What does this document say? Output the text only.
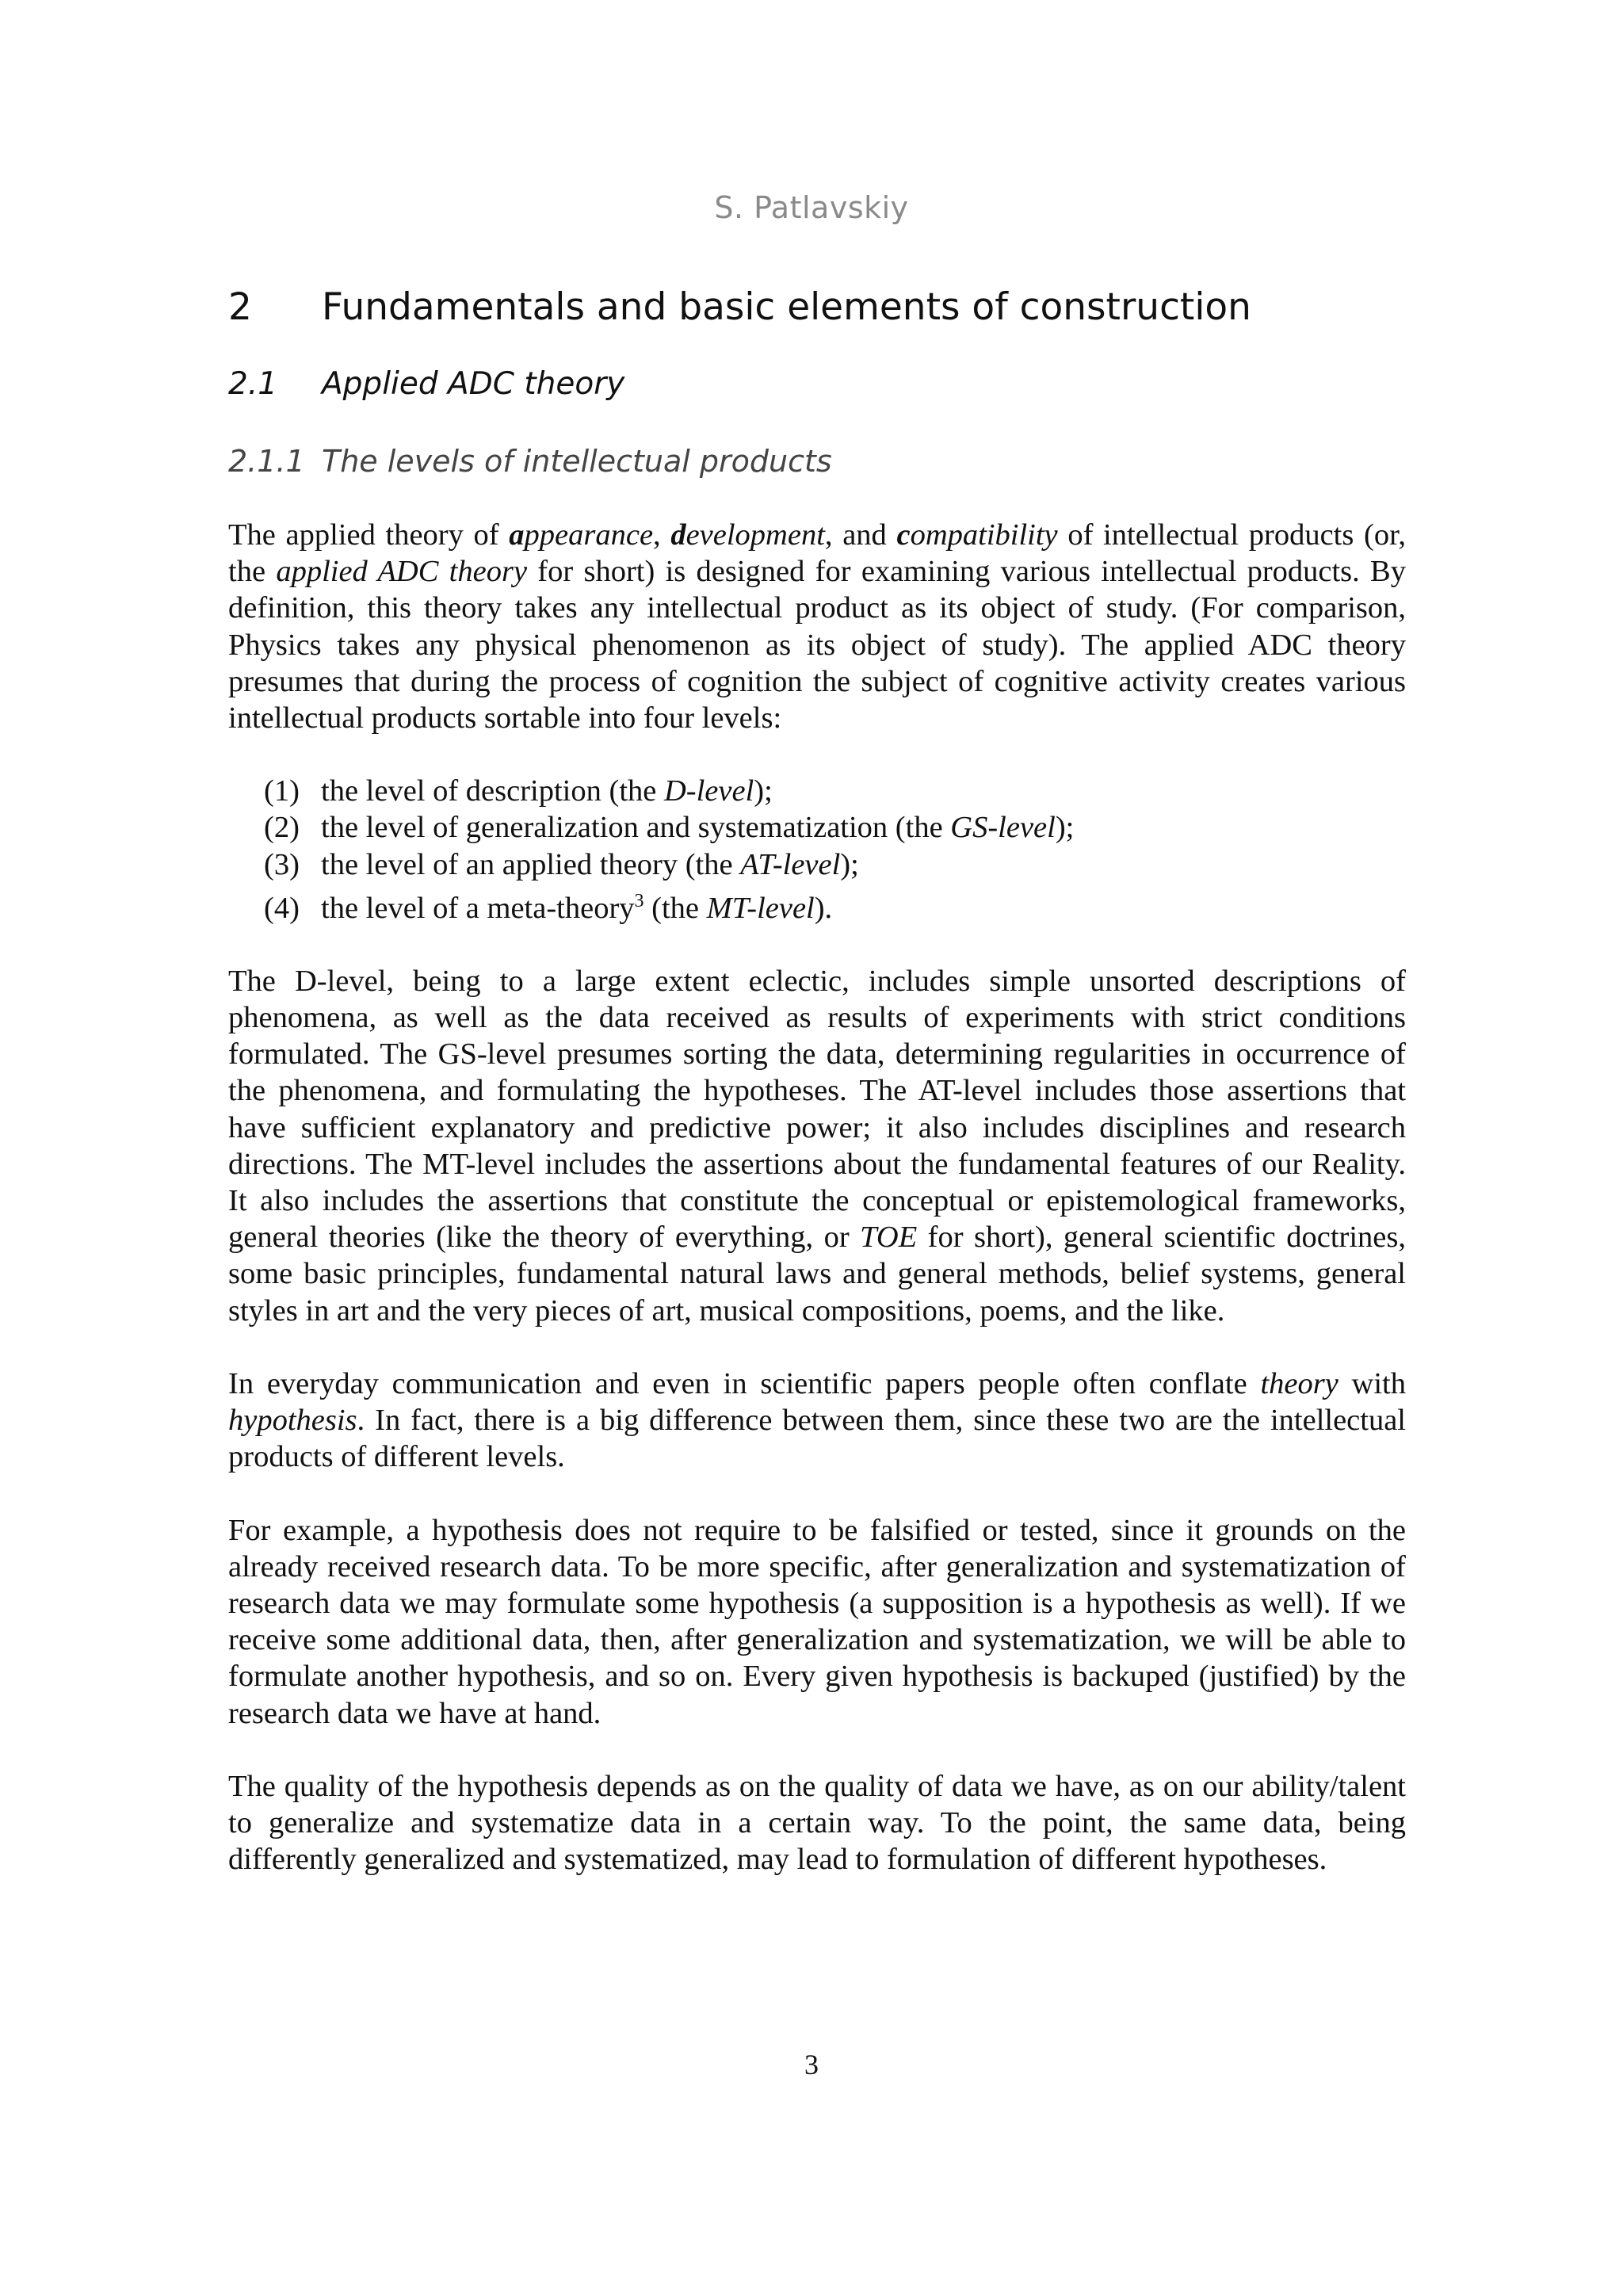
S. Patlavskiy
2 Fundamentals and basic elements of construction
2.1 Applied ADC theory
2.1.1 The levels of intellectual products

The applied theory of appearance, development, and compatibility of intellectual products (or, the applied ADC theory for short) is designed for examining various intellectual products. By definition, this theory takes any intellectual product as its object of study. (For comparison, Physics takes any physical phenomenon as its object of study). The applied ADC theory presumes that during the process of cognition the subject of cognitive activity creates various intellectual products sortable into four levels:

(1) the level of description (the D-level);
(2) the level of generalization and systematization (the GS-level);
(3) the level of an applied theory (the AT-level);
(4) the level of a meta-theory$^3$ (the MT-level).

The D-level, being to a large extent eclectic, includes simple unsorted descriptions of phenomena, as well as the data received as results of experiments with strict conditions formulated. The GS-level presumes sorting the data, determining regularities in occurrence of the phenomena, and formulating the hypotheses. The AT-level includes those assertions that have sufficient explanatory and predictive power; it also includes disciplines and research directions. The MT-level includes the assertions about the fundamental features of our Reality. It also includes the assertions that constitute the conceptual or epistemological frameworks, general theories (like the theory of everything, or TOE for short), general scientific doctrines, some basic principles, fundamental natural laws and general methods, belief systems, general styles in art and the very pieces of art, musical compositions, poems, and the like.

In everyday communication and even in scientific papers people often conflate theory with hypothesis. In fact, there is a big difference between them, since these two are the intellectual products of different levels.

For example, a hypothesis does not require to be falsified or tested, since it grounds on the already received research data. To be more specific, after generalization and systematization of research data we may formulate some hypothesis (a supposition is a hypothesis as well). If we receive some additional data, then, after generalization and systematization, we will be able to formulate another hypothesis, and so on. Every given hypothesis is backuped (justified) by the research data we have at hand.

The quality of the hypothesis depends as on the quality of data we have, as on our ability/talent to generalize and systematize data in a certain way. To the point, the same data, being differently generalized and systematized, may lead to formulation of different hypotheses.

3
